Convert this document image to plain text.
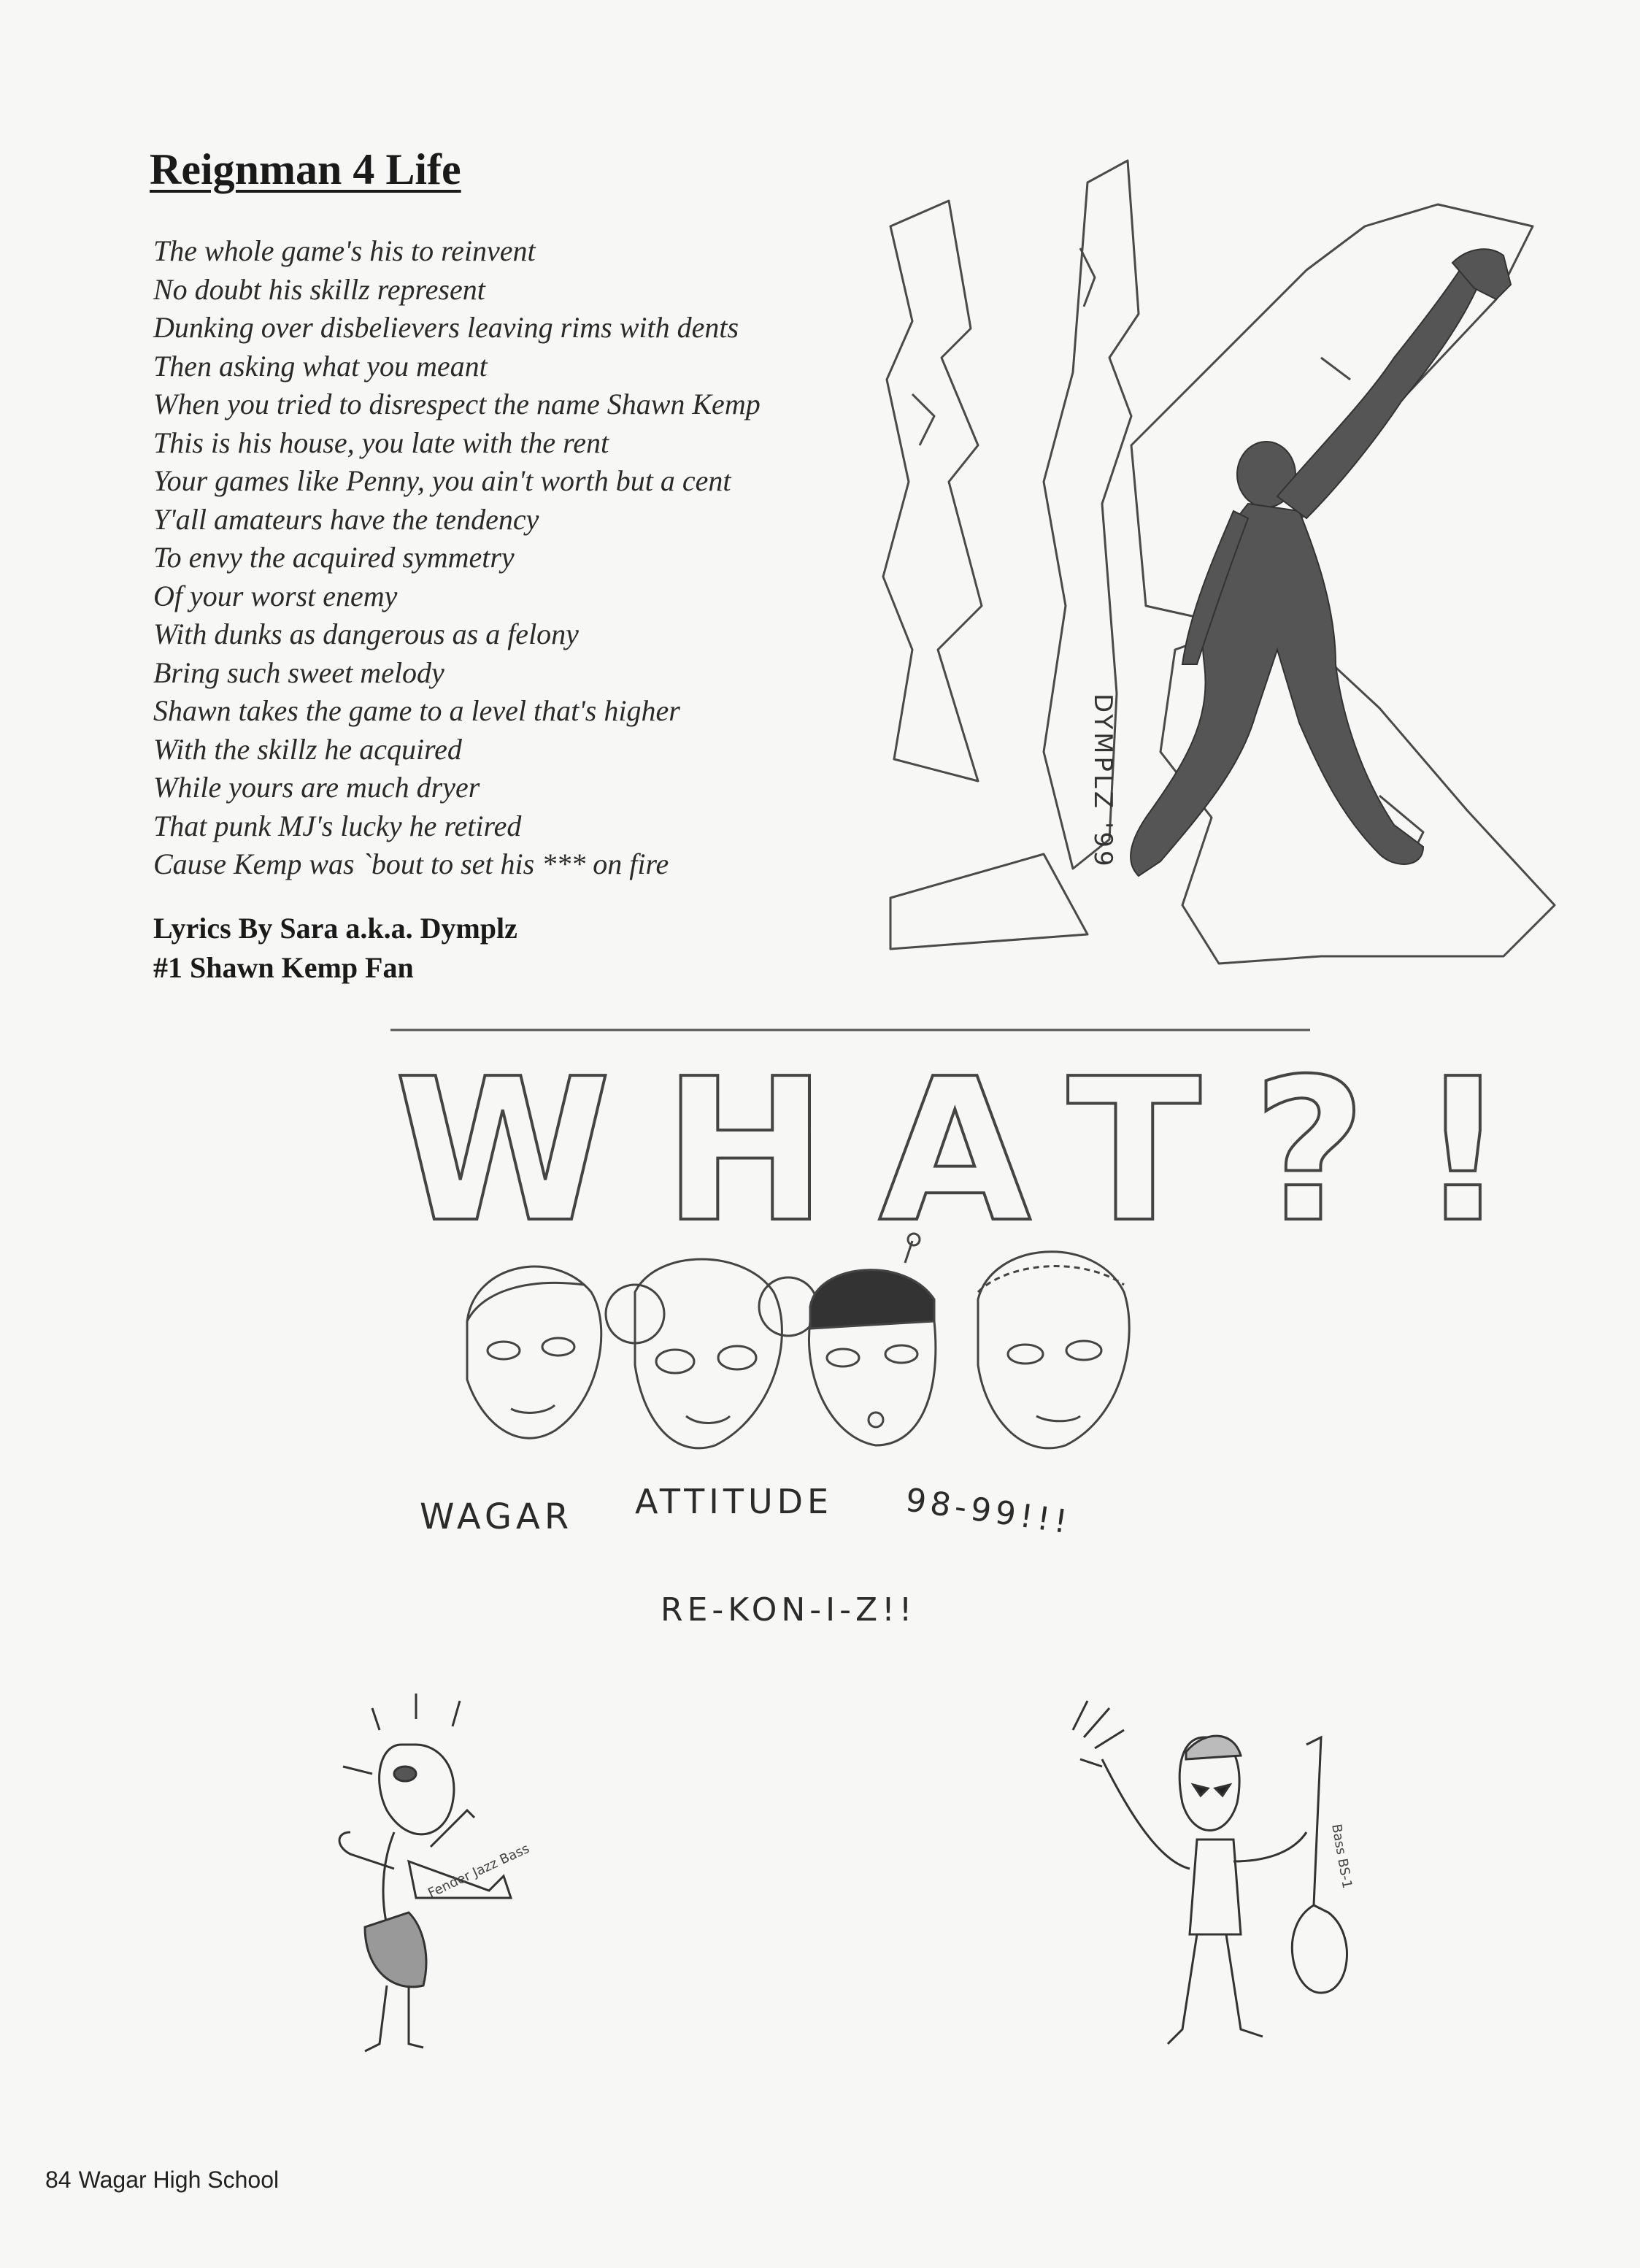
Reignman 4 Life
The whole game's his to reinvent
No doubt his skillz represent
Dunking over disbelievers leaving rims with dents
Then asking what you meant
When you tried to disrespect the name Shawn Kemp
This is his house, you late with the rent
Your games like Penny, you ain't worth but a cent
Y'all amateurs have the tendency
To envy the acquired symmetry
Of your worst enemy
With dunks as dangerous as a felony
Bring such sweet melody
Shawn takes the game to a level that's higher
With the skillz he acquired
While yours are much dryer
That punk MJ's lucky he retired
Cause Kemp was `bout to set his *** on fire
Lyrics By Sara a.k.a. Dymplz
#1 Shawn Kemp Fan
DYMPLZ '99
WHAT?!
WAGAR ATTITUDE 98-99!!!
RE-KON-I-Z!!
Fender Jazz Bass	Bass BS-1
84 Wagar High School
